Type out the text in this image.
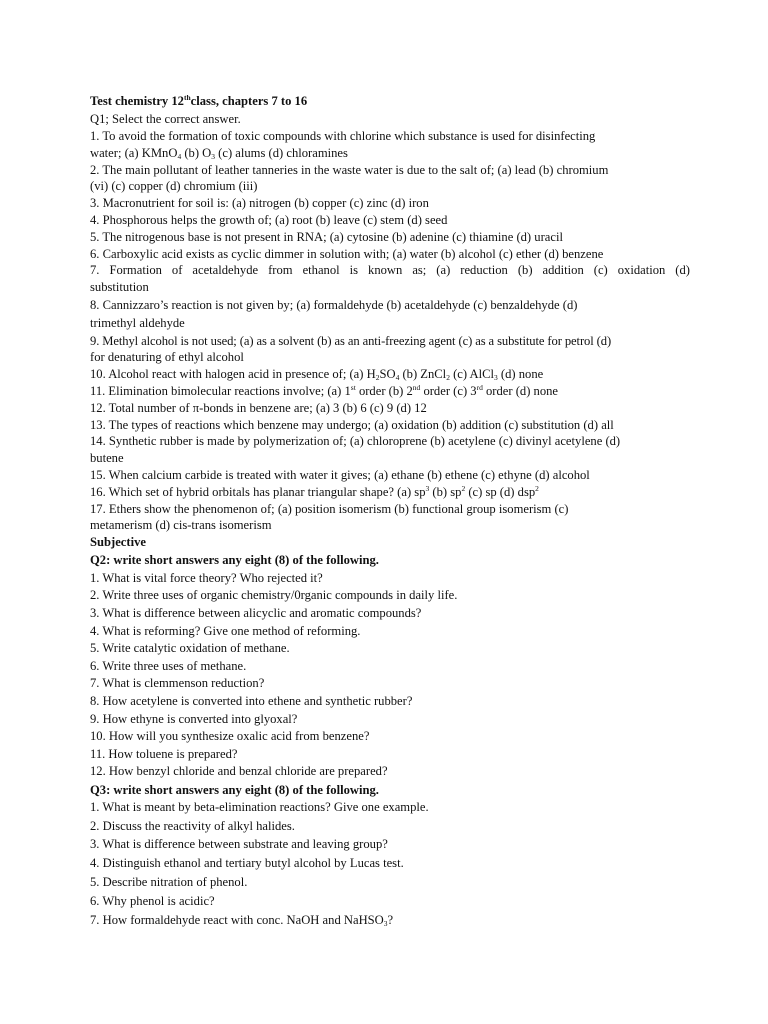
Test chemistry 12thclass, chapters 7 to 16
Q1; Select the correct answer.
1. To avoid the formation of toxic compounds with chlorine which substance is used for disinfecting
water; (a) KMnO$_4$ (b) $O_3$ (c) alums (d) chloramines
2. The main pollutant of leather tanneries in the waste water is due to the salt of; (a) lead (b) chromium
(vi) (c) copper (d) chromium (iii)
3. Macronutrient for soil is: (a) nitrogen (b) copper (c) zinc (d) iron
4. Phosphorous helps the growth of; (a) root (b) leave (c) stem (d) seed
5. The nitrogenous base is not present in RNA; (a) cytosine (b) adenine (c) thiamine (d) uracil
6. Carboxylic acid exists as cyclic dimmer in solution with; (a) water (b) alcohol (c) ether (d) benzene
7. Formation of acetaldehyde from ethanol is known as; (a) reduction (b) addition (c) oxidation (d)
substitution
8. Cannizzaro’s reaction is not given by; (a) formaldehyde (b) acetaldehyde (c) benzaldehyde (d)
trimethyl aldehyde
9. Methyl alcohol is not used; (a) as a solvent (b) as an anti-freezing agent (c) as a substitute for petrol (d)
for denaturing of ethyl alcohol
10. Alcohol react with halogen acid in presence of; (a) $H_2SO_4$ (b) ZnCl$_2$ (c) AlCl$_3$ (d) none
11. Elimination bimolecular reactions involve; (a) 1st order (b) 2nd order (c) 3rd order (d) none
12. Total number of π-bonds in benzene are; (a) 3 (b) 6 (c) 9 (d) 12
13. The types of reactions which benzene may undergo; (a) oxidation (b) addition (c) substitution (d) all
14. Synthetic rubber is made by polymerization of; (a) chloroprene (b) acetylene (c) divinyl acetylene (d)
butene
15. When calcium carbide is treated with water it gives; (a) ethane (b) ethene (c) ethyne (d) alcohol
16. Which set of hybrid orbitals has planar triangular shape? (a) $sp^3$ (b) $sp^2$ (c) sp (d) dsp$^2$
17. Ethers show the phenomenon of; (a) position isomerism (b) functional group isomerism (c)
metamerism (d) cis-trans isomerism
Subjective
Q2: write short answers any eight (8) of the following.
1. What is vital force theory? Who rejected it?
2. Write three uses of organic chemistry/0rganic compounds in daily life.
3. What is difference between alicyclic and aromatic compounds?
4. What is reforming? Give one method of reforming.
5. Write catalytic oxidation of methane.
6. Write three uses of methane.
7. What is clemmenson reduction?
8. How acetylene is converted into ethene and synthetic rubber?
9. How ethyne is converted into glyoxal?
10. How will you synthesize oxalic acid from benzene?
11. How toluene is prepared?
12. How benzyl chloride and benzal chloride are prepared?
Q3: write short answers any eight (8) of the following.
1. What is meant by beta-elimination reactions? Give one example.
2. Discuss the reactivity of alkyl halides.
3. What is difference between substrate and leaving group?
4. Distinguish ethanol and tertiary butyl alcohol by Lucas test.
5. Describe nitration of phenol.
6. Why phenol is acidic?
7. How formaldehyde react with conc. NaOH and NaHSO$_3$?
